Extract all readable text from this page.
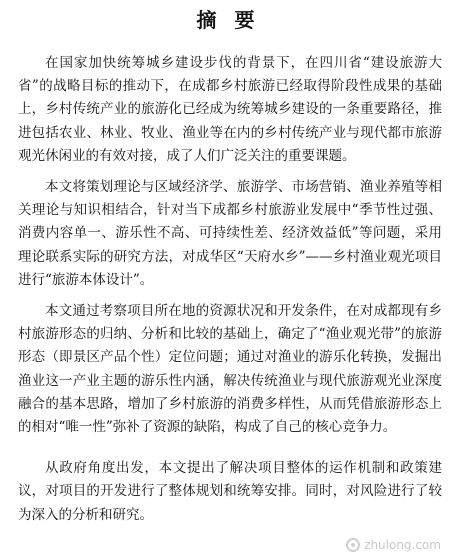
摘要

在国家加快统筹城乡建设步伐的背景下，在四川省“建设旅游大省”的战略目标的推动下，在成都乡村旅游已经取得阶段性成果的基础上，乡村传统产业的旅游化已经成为统筹城乡建设的一条重要路径，推进包括农业、林业、牧业、渔业等在内的乡村传统产业与现代都市旅游观光休闲业的有效对接，成了人们广泛关注的重要课题。

本文将策划理论与区域经济学、旅游学、市场营销、渔业养殖等相关理论与知识相结合，针对当下成都乡村旅游业发展中“季节性过强、消费内容单一、游乐性不高、可持续性差、经济效益低”等问题，采用理论联系实际的研究方法，对成华区“天府水乡”——乡村渔业观光项目进行“旅游本体设计”。

本文通过考察项目所在地的资源状况和开发条件，在对成都现有乡村旅游形态的归纳、分析和比较的基础上，确定了“渔业观光带”的旅游形态（即景区产品个性）定位问题；通过对渔业的游乐化转换，发掘出渔业这一产业主题的游乐性内涵，解决传统渔业与现代旅游观光业深度融合的基本思路，增加了乡村旅游的消费多样性，从而凭借旅游形态上的相对“唯一性”弥补了资源的缺陷，构成了自己的核心竞争力。

从政府角度出发，本文提出了解决项目整体的运作机制和政策建议，对项目的开发进行了整体规划和统筹安排。同时，对风险进行了较为深入的分析和研究。

zhulong.com
